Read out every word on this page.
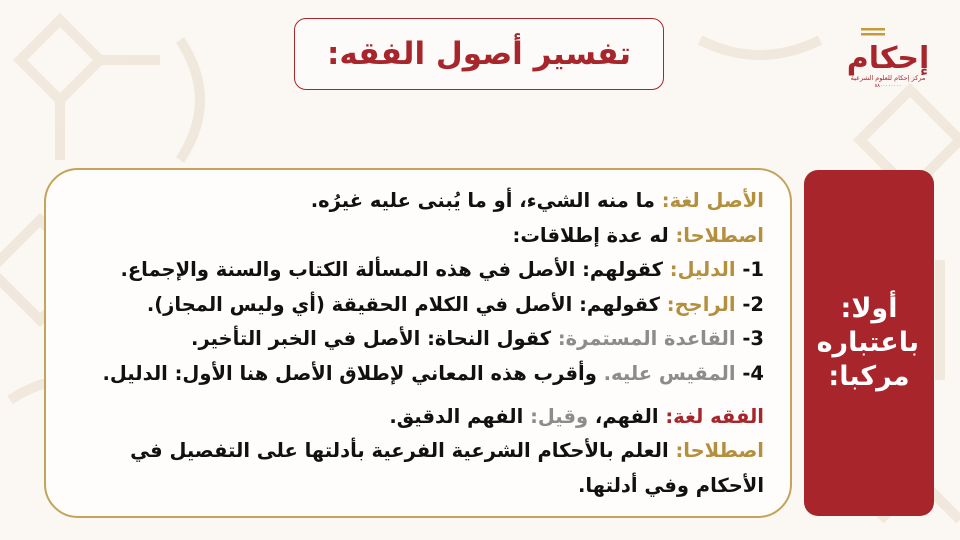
تفسير أصول الفقه:	إحكام
مركز إحكام للعلوم الشرعية
٨٨٠٠٠٠٠٠٠٠
أولا: باعتباره مركبا:
الأصل لغة: ما منه الشيء، أو ما يُبنى عليه غيرُه.
اصطلاحا: له عدة إطلاقات:
1- الدليل: كقولهم: الأصل في هذه المسألة الكتاب والسنة والإجماع.
2- الراجح: كقولهم: الأصل في الكلام الحقيقة (أي وليس المجاز).
3- القاعدة المستمرة: كقول النحاة: الأصل في الخبر التأخير.
4- المقيس عليه. وأقرب هذه المعاني لإطلاق الأصل هنا الأول: الدليل.
الفقه لغة: الفهم، وقيل: الفهم الدقيق.
اصطلاحا: العلم بالأحكام الشرعية الفرعية بأدلتها على التفصيل في الأحكام وفي أدلتها.
